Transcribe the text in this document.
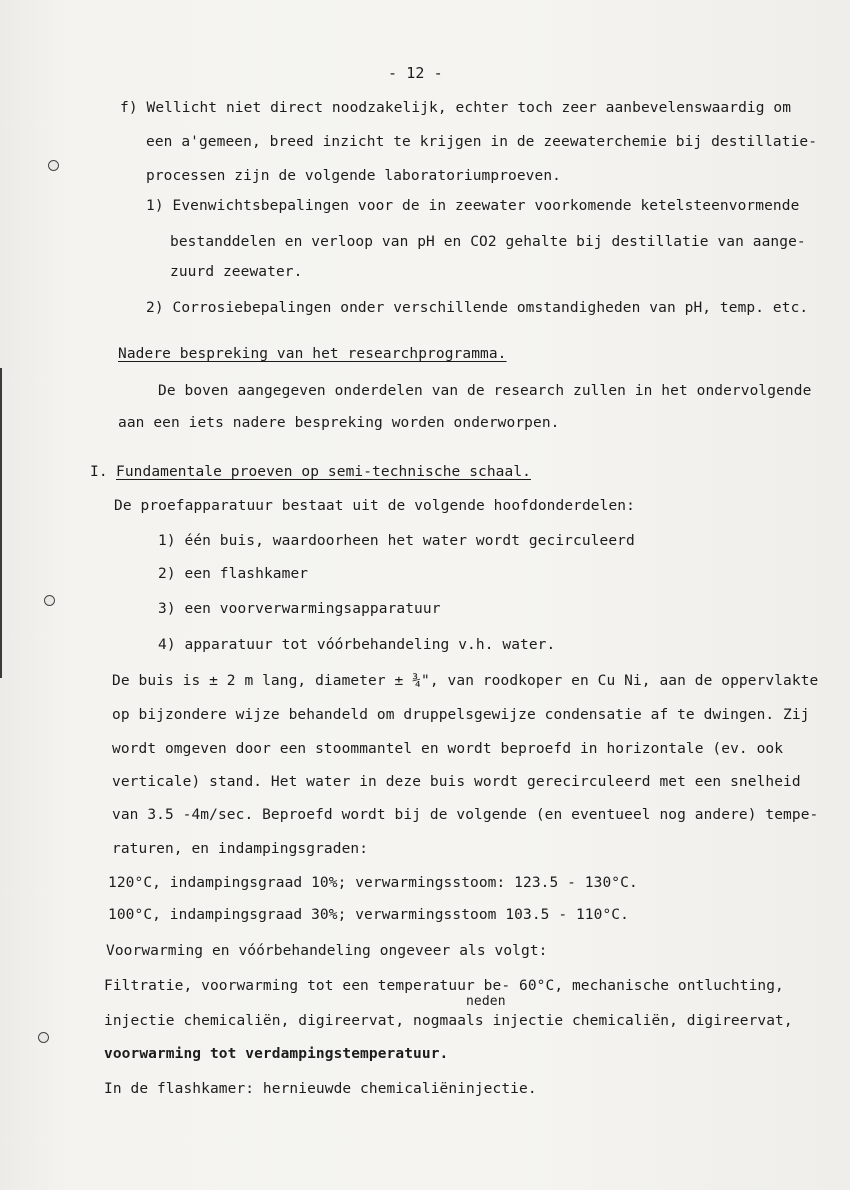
- 12 -
f) Wellicht niet direct noodzakelijk, echter toch zeer aanbevelenswaardig om
een a'gemeen, breed inzicht te krijgen in de zeewaterchemie bij destillatie-
processen zijn de volgende laboratoriumproeven.
1) Evenwichtsbepalingen voor de in zeewater voorkomende ketelsteenvormende
bestanddelen en verloop van pH en CO2 gehalte bij destillatie van aange-
zuurd zeewater.
2) Corrosiebepalingen onder verschillende omstandigheden van pH, temp. etc.
Nadere bespreking van het researchprogramma.
De boven aangegeven onderdelen van de research zullen in het ondervolgende
aan een iets nadere bespreking worden onderworpen.
I. Fundamentale proeven op semi-technische schaal.
De proefapparatuur bestaat uit de volgende hoofdonderdelen:
1) één buis, waardoorheen het water wordt gecirculeerd
2) een flashkamer
3) een voorverwarmingsapparatuur
4) apparatuur tot vóórbehandeling v.h. water.
De buis is ± 2 m lang, diameter ± ¾", van roodkoper en Cu Ni, aan de oppervlakte
op bijzondere wijze behandeld om druppelsgewijze condensatie af te dwingen. Zij
wordt omgeven door een stoommantel en wordt beproefd in horizontale (ev. ook
verticale) stand. Het water in deze buis wordt gerecirculeerd met een snelheid
van 3.5 -4m/sec. Beproefd wordt bij de volgende (en eventueel nog andere) tempe-
raturen, en indampingsgraden:
120°C, indampingsgraad 10%; verwarmingsstoom: 123.5 - 130°C.
100°C, indampingsgraad 30%; verwarmingsstoom 103.5 - 110°C.
Voorwarming en vóórbehandeling ongeveer als volgt:
Filtratie, voorwarming tot een temperatuur be- 60°C, mechanische ontluchting,
neden
injectie chemicaliën, digireervat, nogmaals injectie chemicaliën, digireervat,
voorwarming tot verdampingstemperatuur.
In de flashkamer: hernieuwde chemicaliëninjectie.
